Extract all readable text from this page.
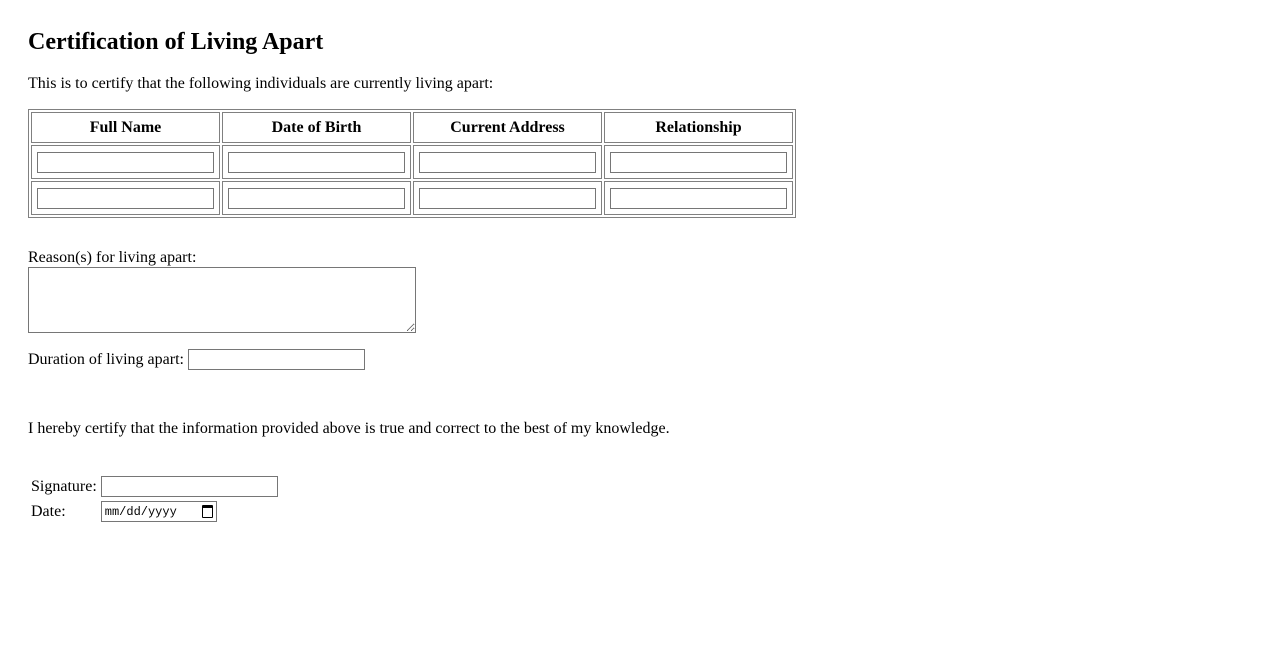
Certification of Living Apart

This is to certify that the following individuals are currently living apart:

Full Name	Date of Birth	Current Address	Relationship

Reason(s) for living apart:
Duration of living apart:

I hereby certify that the information provided above is true and correct to the best of my knowledge.

Signature:	

Date:	mm/dd/yyyy
